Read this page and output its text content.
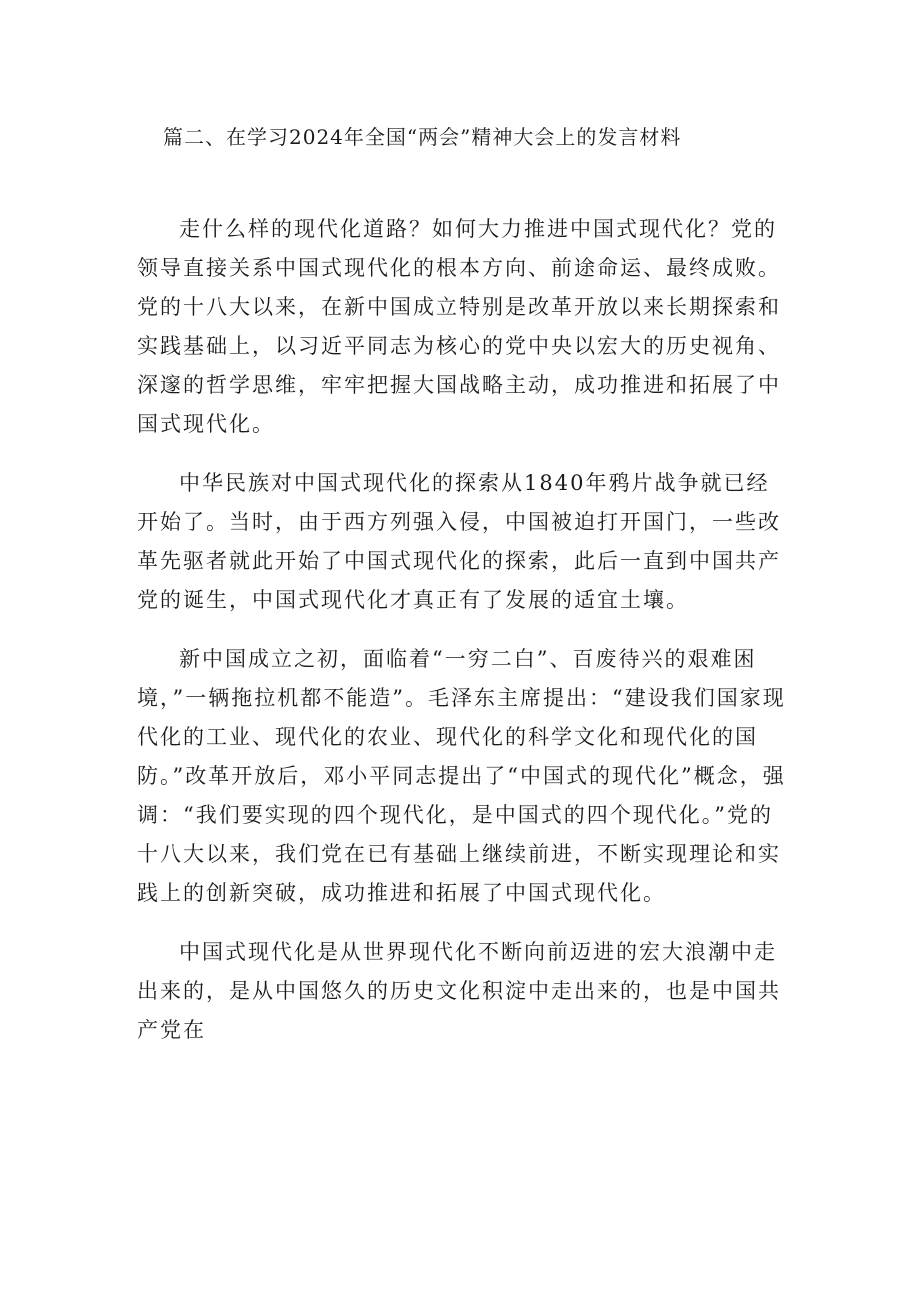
篇二、在学习2024年全国“两会”精神大会上的发言材料

走什么样的现代化道路？如何大力推进中国式现代化？党的领导直接关系中国式现代化的根本方向、前途命运、最终成败。党的十八大以来，在新中国成立特别是改革开放以来长期探索和实践基础上，以习近平同志为核心的党中央以宏大的历史视角、深邃的哲学思维，牢牢把握大国战略主动，成功推进和拓展了中国式现代化。

中华民族对中国式现代化的探索从1840年鸦片战争就已经开始了。当时，由于西方列强入侵，中国被迫打开国门，一些改革先驱者就此开始了中国式现代化的探索，此后一直到中国共产党的诞生，中国式现代化才真正有了发展的适宜土壤。

新中国成立之初，面临着“一穷二白”、百废待兴的艰难困境，”一辆拖拉机都不能造”。毛泽东主席提出：“建设我们国家现代化的工业、现代化的农业、现代化的科学文化和现代化的国防。”改革开放后，邓小平同志提出了“中国式的现代化”概念，强调：“我们要实现的四个现代化，是中国式的四个现代化。”党的十八大以来，我们党在已有基础上继续前进，不断实现理论和实践上的创新突破，成功推进和拓展了中国式现代化。

中国式现代化是从世界现代化不断向前迈进的宏大浪潮中走出来的，是从中国悠久的历史文化积淀中走出来的，也是中国共产党在
